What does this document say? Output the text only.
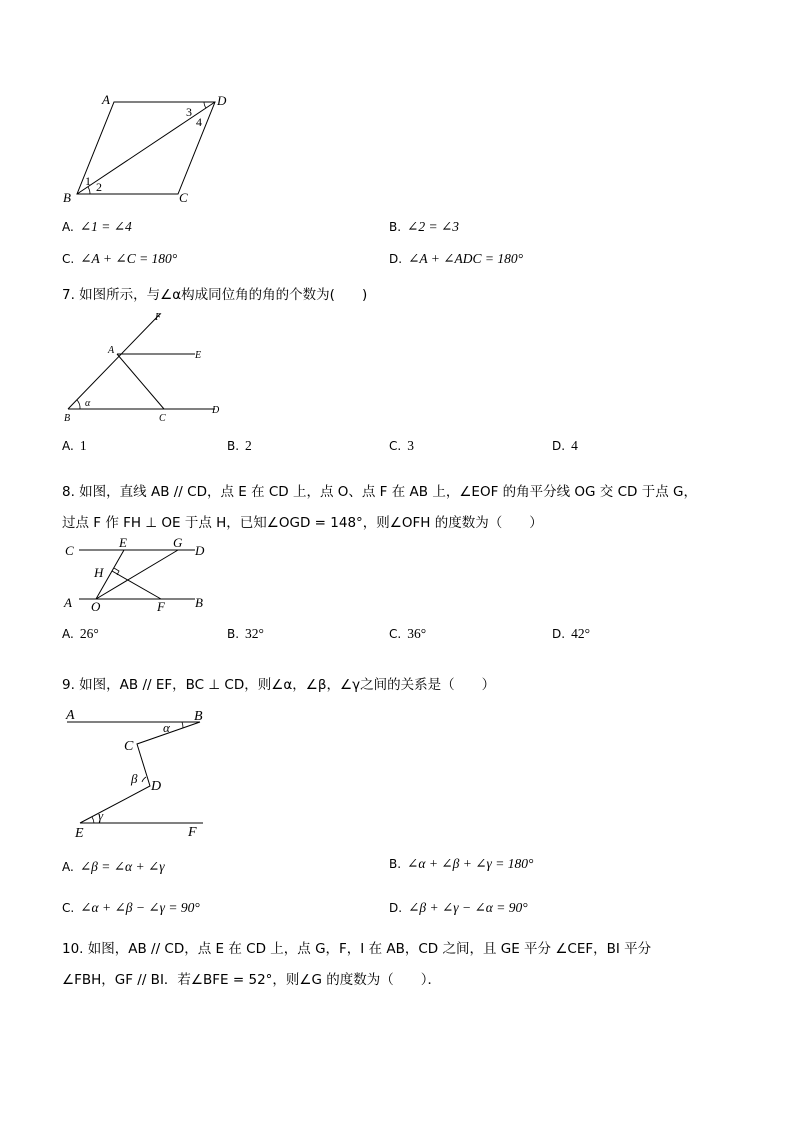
A	D
B	C
1 2
3
4
A. ∠1 = ∠4	B. ∠2 = ∠3
C. ∠A + ∠C = 180°	D. ∠A + ∠ADC = 180°
7. 如图所示，与∠α构成同位角的角的个数为(　　)
F
A	E
B	C
D
α
A. 1	B. 2	C. 3	D. 4
8. 如图，直线 AB // CD，点 E 在 CD 上，点 O、点 F 在 AB 上，∠EOF 的角平分线 OG 交 CD 于点 G，
过点 F 作 FH ⊥ OE 于点 H，已知∠OGD = 148°，则∠OFH 的度数为（　　）
C
E	G
D
H
A O	F B
A. 26°	B. 32°	C. 36°	D. 42°
9. 如图，AB // EF，BC ⊥ CD，则∠α，∠β，∠γ之间的关系是（　　）
A	B
α
C
β
D
E
γ
F
A. ∠β = ∠α + ∠γ	B. ∠α + ∠β + ∠γ = 180°
C. ∠α + ∠β − ∠γ = 90°	D. ∠β + ∠γ − ∠α = 90°
10. 如图，AB // CD，点 E 在 CD 上，点 G，F，I 在 AB，CD 之间，且 GE 平分 ∠CEF，BI 平分
∠FBH，GF // BI．若∠BFE = 52°，则∠G 的度数为（　　）．
